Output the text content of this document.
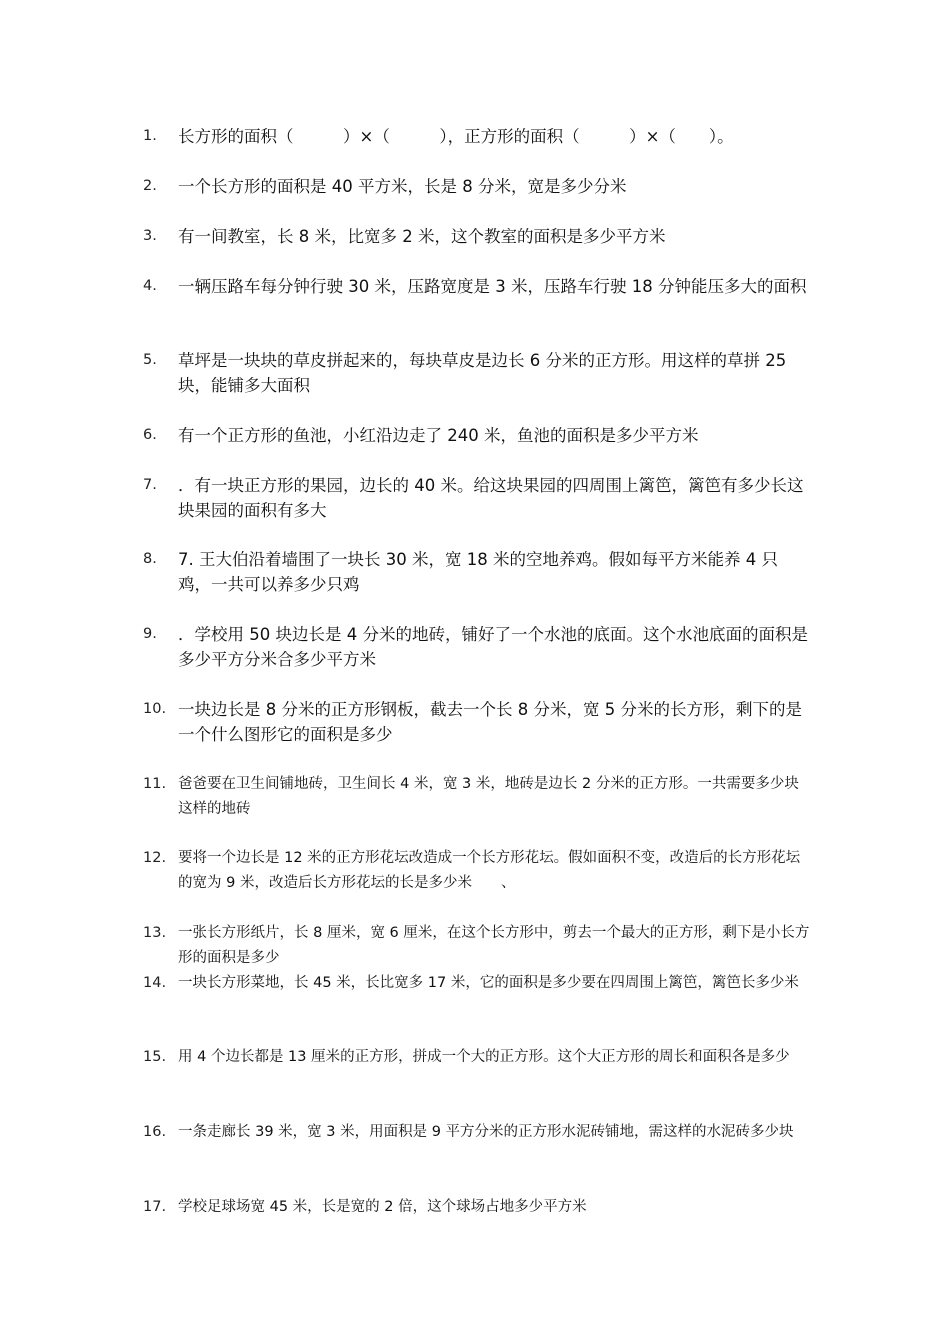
1. 长方形的面积（　　　）×（　　　），正方形的面积（　　　）×（　　）。
2. 一个长方形的面积是 40 平方米，长是 8 分米，宽是多少分米
3. 有一间教室，长 8 米，比宽多 2 米，这个教室的面积是多少平方米
4. 一辆压路车每分钟行驶 30 米，压路宽度是 3 米，压路车行驶 18 分钟能压多大的面积
5. 草坪是一块块的草皮拼起来的，每块草皮是边长 6 分米的正方形。用这样的草拼 25 块，能铺多大面积
6. 有一个正方形的鱼池，小红沿边走了 240 米，鱼池的面积是多少平方米
7. ．有一块正方形的果园，边长的 40 米。给这块果园的四周围上篱笆，篱笆有多少长这块果园的面积有多大
8. 7. 王大伯沿着墙围了一块长 30 米，宽 18 米的空地养鸡。假如每平方米能养 4 只鸡，一共可以养多少只鸡
9. ．学校用 50 块边长是 4 分米的地砖，铺好了一个水池的底面。这个水池底面的面积是多少平方分米合多少平方米
10. 一块边长是 8 分米的正方形钢板，截去一个长 8 分米，宽 5 分米的长方形，剩下的是一个什么图形它的面积是多少
11. 爸爸要在卫生间铺地砖，卫生间长 4 米，宽 3 米，地砖是边长 2 分米的正方形。一共需要多少块这样的地砖
12. 要将一个边长是 12 米的正方形花坛改造成一个长方形花坛。假如面积不变，改造后的长方形花坛的宽为 9 米，改造后长方形花坛的长是多少米　　、
13. 一张长方形纸片，长 8 厘米，宽 6 厘米，在这个长方形中，剪去一个最大的正方形，剩下是小长方形的面积是多少
14. 一块长方形菜地，长 45 米，长比宽多 17 米，它的面积是多少要在四周围上篱笆，篱笆长多少米
15. 用 4 个边长都是 13 厘米的正方形，拼成一个大的正方形。这个大正方形的周长和面积各是多少
16. 一条走廊长 39 米，宽 3 米，用面积是 9 平方分米的正方形水泥砖铺地，需这样的水泥砖多少块
17. 学校足球场宽 45 米，长是宽的 2 倍，这个球场占地多少平方米
